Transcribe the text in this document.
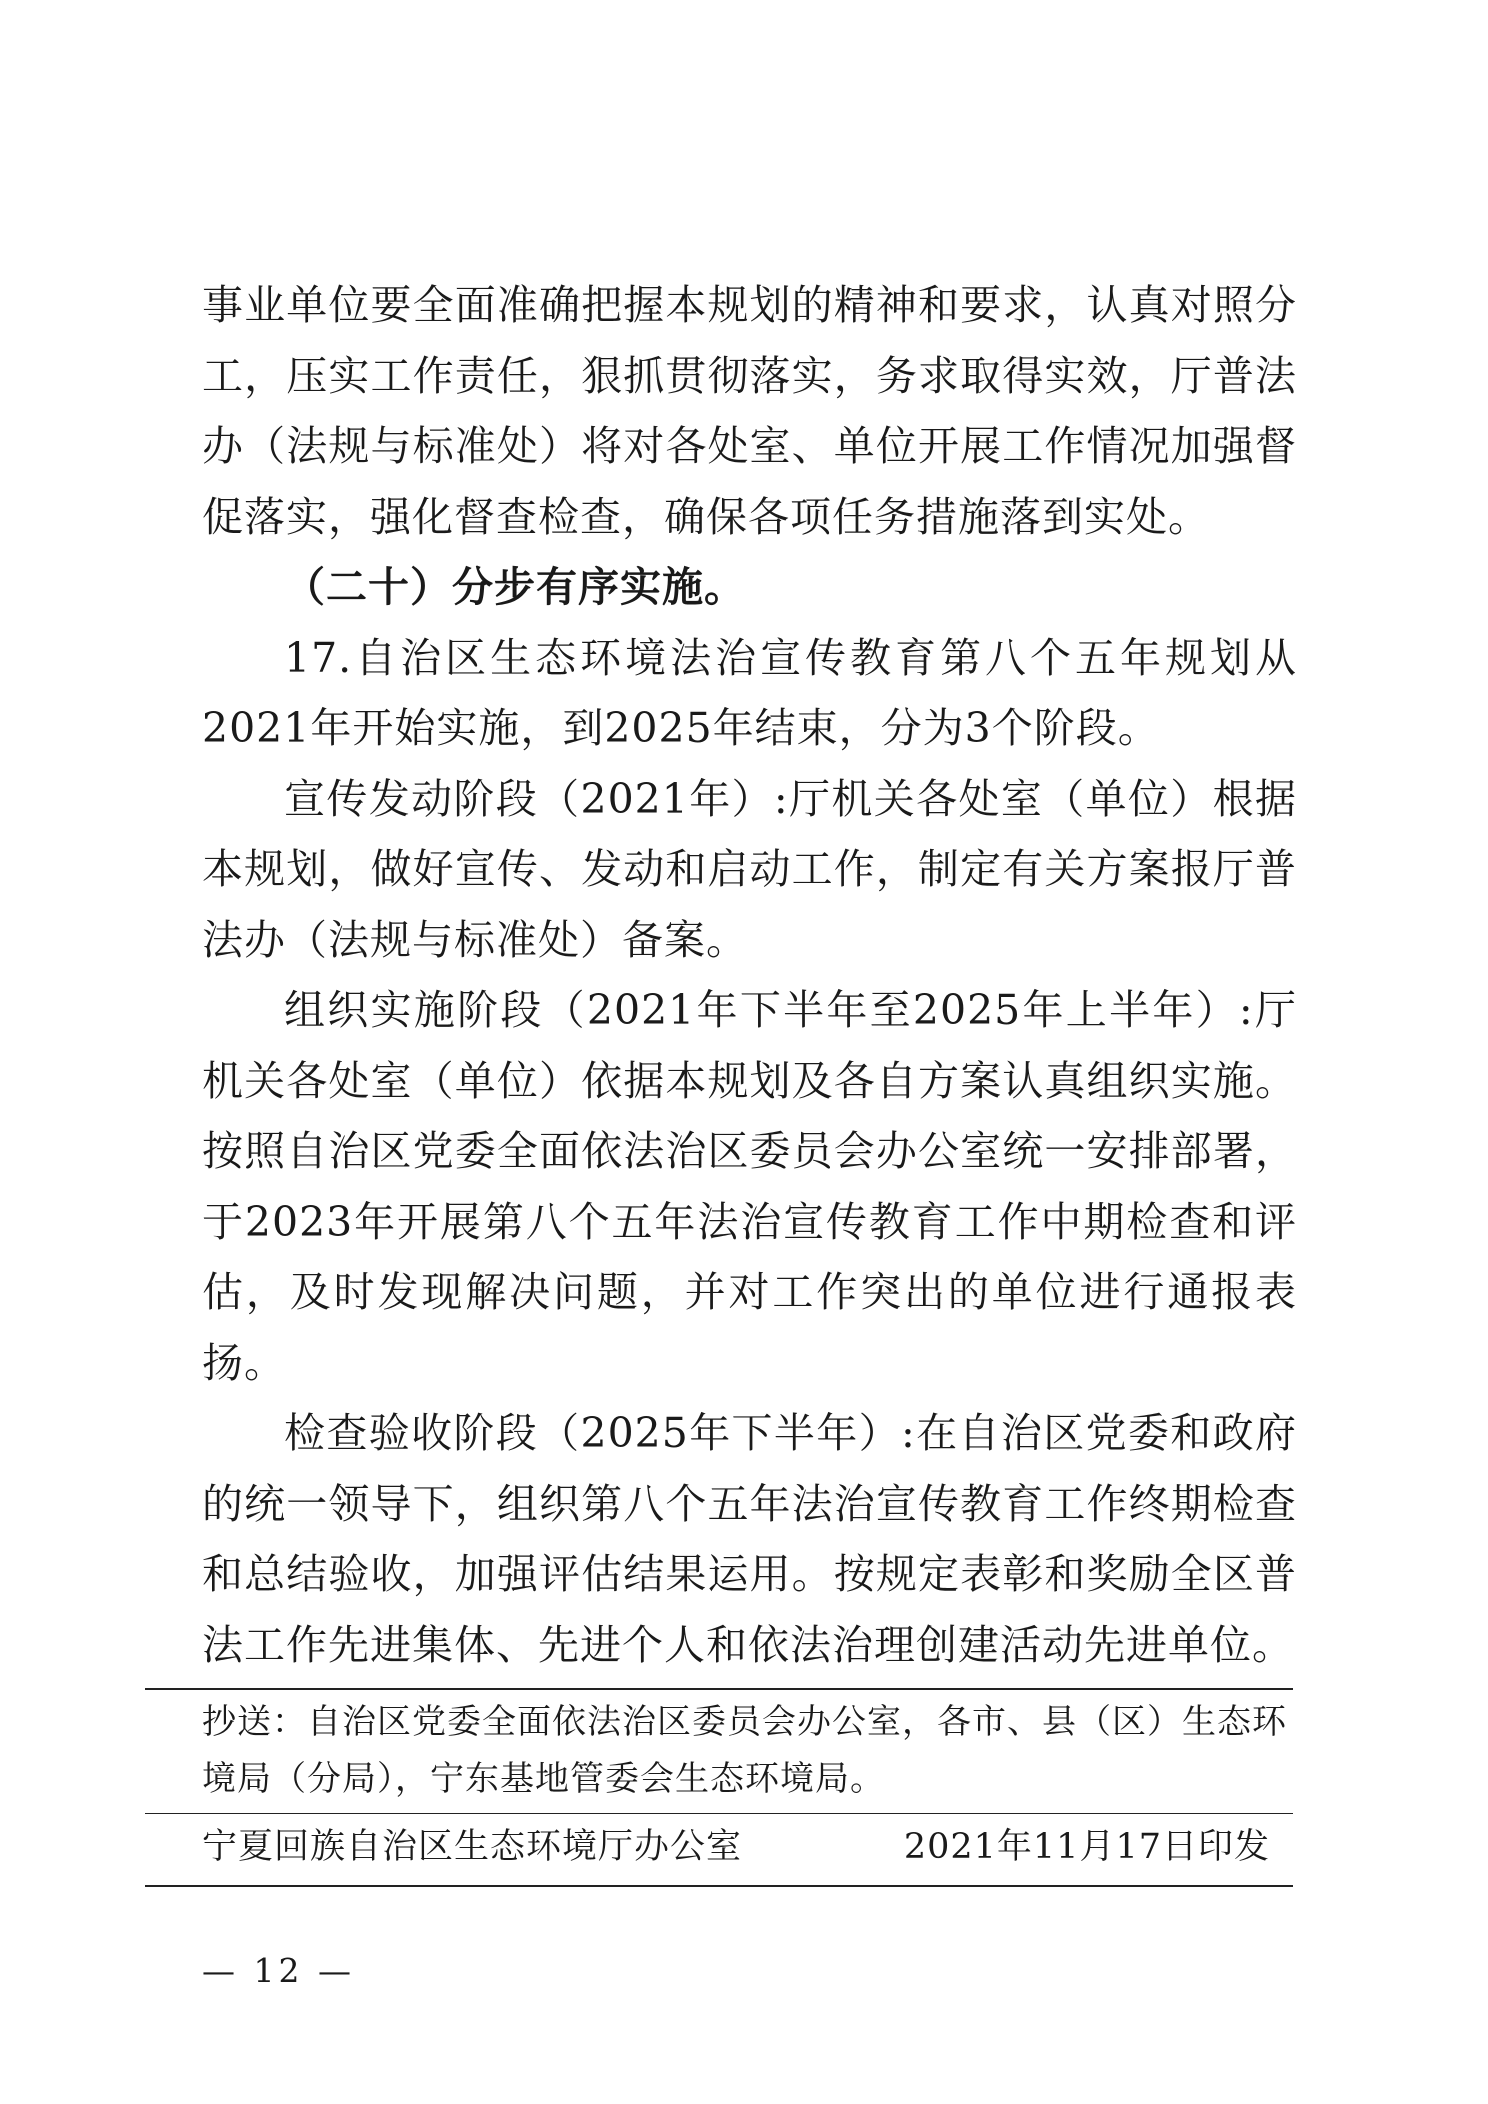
事业单位要全面准确把握本规划的精神和要求，认真对照分工，压实工作责任，狠抓贯彻落实，务求取得实效，厅普法办（法规与标准处）将对各处室、单位开展工作情况加强督促落实，强化督查检查，确保各项任务措施落到实处。

（二十）分步有序实施。

17.自治区生态环境法治宣传教育第八个五年规划从2021年开始实施，到2025年结束，分为3个阶段。

宣传发动阶段（2021年）:厅机关各处室（单位）根据本规划，做好宣传、发动和启动工作，制定有关方案报厅普法办（法规与标准处）备案。

组织实施阶段（2021年下半年至2025年上半年）:厅机关各处室（单位）依据本规划及各自方案认真组织实施。按照自治区党委全面依法治区委员会办公室统一安排部署，于2023年开展第八个五年法治宣传教育工作中期检查和评估，及时发现解决问题，并对工作突出的单位进行通报表扬。

检查验收阶段（2025年下半年）:在自治区党委和政府的统一领导下，组织第八个五年法治宣传教育工作终期检查和总结验收，加强评估结果运用。按规定表彰和奖励全区普法工作先进集体、先进个人和依法治理创建活动先进单位。

抄送：自治区党委全面依法治区委员会办公室，各市、县（区）生态环境局（分局），宁东基地管委会生态环境局。
宁夏回族自治区生态环境厅办公室	2021年11月17日印发
— 12 —
